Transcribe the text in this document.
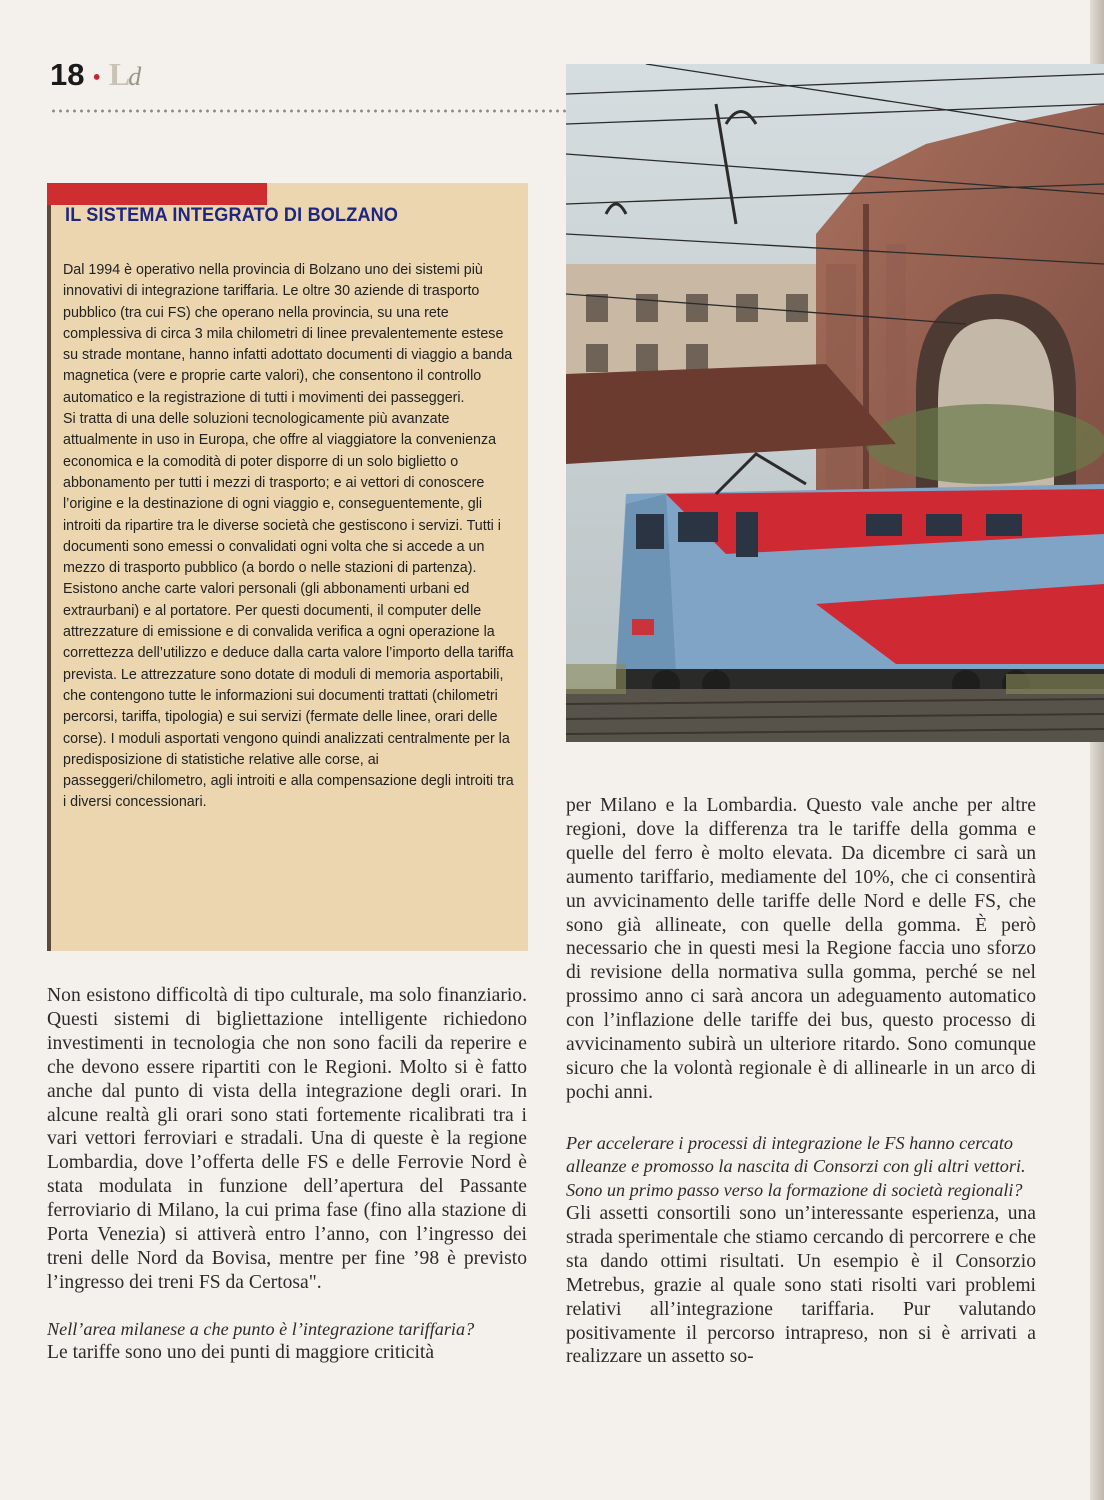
18 • Ld
IL SISTEMA INTEGRATO DI BOLZANO

Dal 1994 è operativo nella provincia di Bolzano uno dei sistemi più innovativi di integrazione tariffaria. Le oltre 30 aziende di trasporto pubblico (tra cui FS) che operano nella provincia, su una rete complessiva di circa 3 mila chilometri di linee prevalentemente estese su strade montane, hanno infatti adottato documenti di viaggio a banda magnetica (vere e proprie carte valori), che consentono il controllo automatico e la registrazione di tutti i movimenti dei passeggeri.

Si tratta di una delle soluzioni tecnologicamente più avanzate attualmente in uso in Europa, che offre al viaggiatore la convenienza economica e la comodità di poter disporre di un solo biglietto o abbonamento per tutti i mezzi di trasporto; e ai vettori di conoscere l’origine e la destinazione di ogni viaggio e, conseguentemente, gli introiti da ripartire tra le diverse società che gestiscono i servizi. Tutti i documenti sono emessi o convalidati ogni volta che si accede a un mezzo di trasporto pubblico (a bordo o nelle stazioni di partenza).

Esistono anche carte valori personali (gli abbonamenti urbani ed extraurbani) e al portatore. Per questi documenti, il computer delle attrezzature di emissione e di convalida verifica a ogni operazione la correttezza dell’utilizzo e deduce dalla carta valore l’importo della tariffa prevista. Le attrezzature sono dotate di moduli di memoria asportabili, che contengono tutte le informazioni sui documenti trattati (chilometri percorsi, tariffa, tipologia) e sui servizi (fermate delle linee, orari delle corse). I moduli asportati vengono quindi analizzati centralmente per la predisposizione di statistiche relative alle corse, ai passeggeri/chilometro, agli introiti e alla compensazione degli introiti tra i diversi concessionari.

Non esistono difficoltà di tipo culturale, ma solo finanziario. Questi sistemi di bigliettazione intelligente richiedono investimenti in tecnologia che non sono facili da reperire e che devono essere ripartiti con le Regioni. Molto si è fatto anche dal punto di vista della integrazione degli orari. In alcune realtà gli orari sono stati fortemente ricalibrati tra i vari vettori ferroviari e stradali. Una di queste è la regione Lombardia, dove l’offerta delle FS e delle Ferrovie Nord è stata modulata in funzione dell’apertura del Passante ferroviario di Milano, la cui prima fase (fino alla stazione di Porta Venezia) si attiverà entro l’anno, con l’ingresso dei treni delle Nord da Bovisa, mentre per fine ’98 è previsto l’ingresso dei treni FS da Certosa".

Nell’area milanese a che punto è l’integrazione tariffaria?

Le tariffe sono uno dei punti di maggiore criticità

per Milano e la Lombardia. Questo vale anche per altre regioni, dove la differenza tra le tariffe della gomma e quelle del ferro è molto elevata. Da dicembre ci sarà un aumento tariffario, mediamente del 10%, che ci consentirà un avvicinamento delle tariffe delle Nord e delle FS, che sono già allineate, con quelle della gomma. È però necessario che in questi mesi la Regione faccia uno sforzo di revisione della normativa sulla gomma, perché se nel prossimo anno ci sarà ancora un adeguamento automatico con l’inflazione delle tariffe dei bus, questo processo di avvicinamento subirà un ulteriore ritardo. Sono comunque sicuro che la volontà regionale è di allinearle in un arco di pochi anni.

Per accelerare i processi di integrazione le FS hanno cercato alleanze e promosso la nascita di Consorzi con gli altri vettori. Sono un primo passo verso la formazione di società regionali?

Gli assetti consortili sono un’interessante esperienza, una strada sperimentale che stiamo cercando di percorrere e che sta dando ottimi risultati. Un esempio è il Consorzio Metrebus, grazie al quale sono stati risolti vari problemi relativi all’integrazione tariffaria. Pur valutando positivamente il percorso intrapreso, non si è arrivati a realizzare un assetto so-
